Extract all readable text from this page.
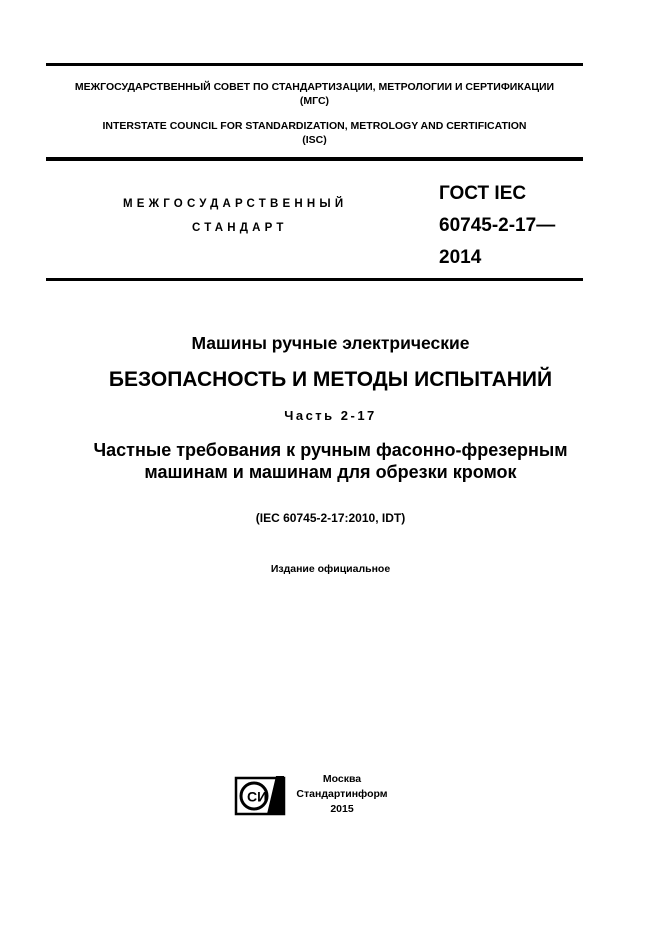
МЕЖГОСУДАРСТВЕННЫЙ СОВЕТ ПО СТАНДАРТИЗАЦИИ, МЕТРОЛОГИИ И СЕРТИФИКАЦИИ
(МГС)
INTERSTATE COUNCIL FOR STANDARDIZATION, METROLOGY AND CERTIFICATION
(ISC)
МЕЖГОСУДАРСТВЕННЫЙ
СТАНДАРТ
ГОСТ IEC
60745-2-17—
2014
Машины ручные электрические
БЕЗОПАСНОСТЬ И МЕТОДЫ ИСПЫТАНИЙ
Часть 2-17
Частные требования к ручным фасонно-фрезерным
машинам и машинам для обрезки кромок
(IEC 60745-2-17:2010, IDT)
Издание официальное
СИ
Москва
Стандартинформ
2015
